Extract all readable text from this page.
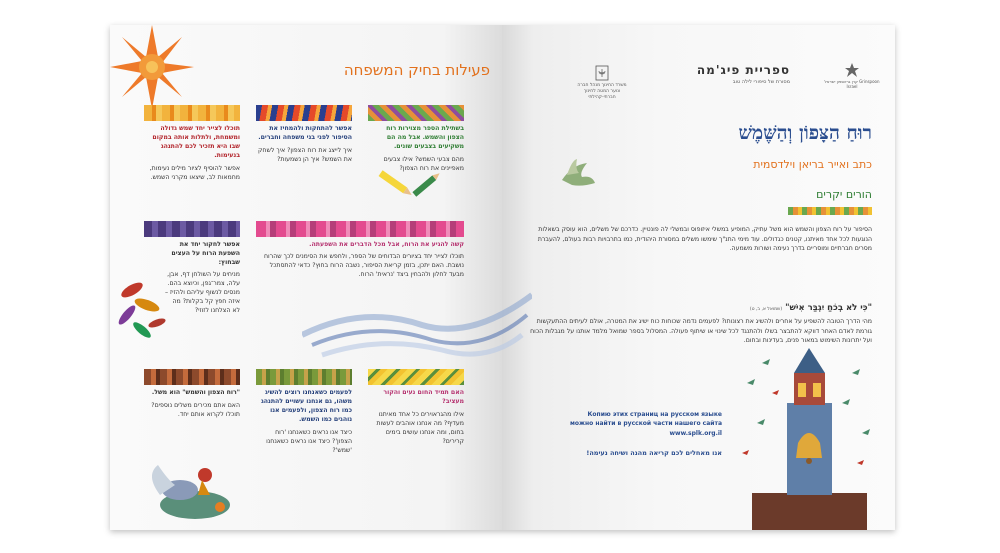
פעילות בחיק המשפחה
בשתילת הספר מצוירות רוח הצפון והשמש. אבל מה הם משקיעים בצבעים שונים.
מהם צבעי השמש? אילו צבעים מאפיינים את רוח הצפון?
אפשר להתחקות ולהמחיז את הסיפור לפני בני משפחה וחברים.
איך לייצג את רוח הצפון? איך לשחק את השמש? איך הן נשמעות?
תוכלו לצייר יחד שמש גדולה ומשמחת, ולתלות אותה במקום שבו היא תזכיר לכם להתנהג בנעימות.
אפשר להוסיף לציור מילים נעימות, מחמאות לב, שיצאו מקרני השמש.
קשה להגיע את הרוח, אבל מכל הדברים את השפעתה.
תוכלו לצייר יחד בציורים הבדוחים של הספר, ולחפש את הסימנים לכך שהרוח נושבת. האם יתכן, בזמן קריאת הסיפור, נשבה הרוח בחוץ? כדאי להתסתכל מבעד לחלון ולהבחין ביצד 'נראית' הרוח.
אפשר לחקור יחד את השפעת הרוח על העצים שבחוץ:
מניחים על השולחן דף, אבן, עלה, צמר־גפן, וכיוצא בהם. מנסים לנשוף עליהם ולהזיז – איזה חפץ קל בקלות? מה לא הצלחנו לזוזי?
האם תמיד החום נעים והקור מעציב?
אילו מהגראוירים כל אחד מאיתנו מעדיף? מה אנחנו אוהבים לעשות בחום, ומה אנחנו עושים בימים קרירים?
לפעמים כשאנחנו רוצים להשיג משהו, גם אנחנו עשויים להתנהג כמו רוח הצפון, ולפעמים אנו נוהגים כמו השמש.
כיצד אנו נראים כשאנחנו 'רוח הצפון'? כיצד אנו נראים כשאנחנו 'שמש'?
"רוח הצפון והשמש" הוא משל.
האם אתם מכירים משלים נוספים? תוכלו לקרוא אותם יחד.
משרד החינוך מנהל חברה ונוער המטה לחינוך חברתי-קהילתי
ספריית פיג'מה
מסורת של סיפורי לילה טוב	קרן גרינספון ישראל Grinspoon Israel
רוּחַ הַצָּפוֹן וְהַשֶּׁמֶשׁ
כתב ואייר בריאן וילדסמית
הורים יקרים
הסיפור על רוח הצפון והשמש הוא משל עתיק, המופיע במשלי איזופוס ובמשלי לה פונטיין. כדרכם של משלים, הוא עוסק בשאלות הנוגעות לכל אחד מאיתנו, קטנים כגדולים. עוד מימי התנ"ך שימשו משלים במסורת היהודית, כמו בתרבויות רבות בעולם, להעברת מסרים חברתיים ומוסריים בדרך נעימה ושורות משמעה.
"כִּי לֹא בְכֹחַ יִגְבַּר אִישׁ" (שמואל א, ב, ט)
מהי הדרך הטובה להשפיע על אחרים ולהשיג את רצונותו? לפעמים נדמה שכוחות כוח ישיג את המטרה, אולם לעיתים ההתעקשות גורמת לאדם האחר דווקא להתבצר בשלו ולהתנגד לכל שינוי או שיתוף פעולה. המסלול בספר שמואל מלמד אותנו על מגבלות הכוח ועל יתרונות השימוש במאור פנים, בעדינות ובחום.
Копию этих страниц на русском языке
можно найти в русской части нашего сайта
www.splk.org.il
אנו מאחלים לכם קריאה מהנה ושיחה נעימה!
